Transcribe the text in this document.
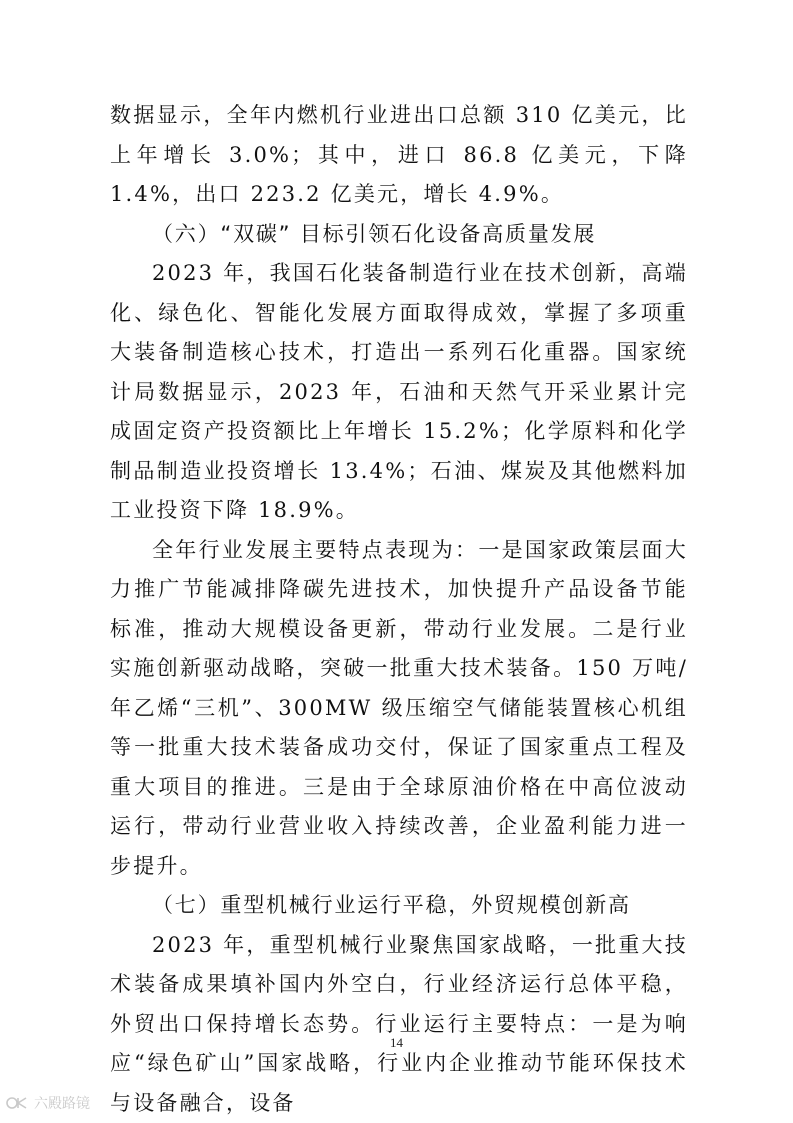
数据显示，全年内燃机行业进出口总额 310 亿美元，比上年增长 3.0%；其中，进口 86.8 亿美元，下降 1.4%，出口 223.2 亿美元，增长 4.9%。

（六）“双碳” 目标引领石化设备高质量发展

2023 年，我国石化装备制造行业在技术创新，高端化、绿色化、智能化发展方面取得成效，掌握了多项重大装备制造核心技术，打造出一系列石化重器。国家统计局数据显示，2023 年，石油和天然气开采业累计完成固定资产投资额比上年增长 15.2%；化学原料和化学制品制造业投资增长 13.4%；石油、煤炭及其他燃料加工业投资下降 18.9%。

全年行业发展主要特点表现为：一是国家政策层面大力推广节能减排降碳先进技术，加快提升产品设备节能标准，推动大规模设备更新，带动行业发展。二是行业实施创新驱动战略，突破一批重大技术装备。150 万吨/年乙烯“三机”、300MW 级压缩空气储能装置核心机组等一批重大技术装备成功交付，保证了国家重点工程及重大项目的推进。三是由于全球原油价格在中高位波动运行，带动行业营业收入持续改善，企业盈利能力进一步提升。

（七）重型机械行业运行平稳，外贸规模创新高

2023 年，重型机械行业聚焦国家战略，一批重大技术装备成果填补国内外空白，行业经济运行总体平稳，外贸出口保持增长态势。行业运行主要特点：一是为响应“绿色矿山”国家战略，行业内企业推动节能环保技术与设备融合，设备

14
六殿路镜
